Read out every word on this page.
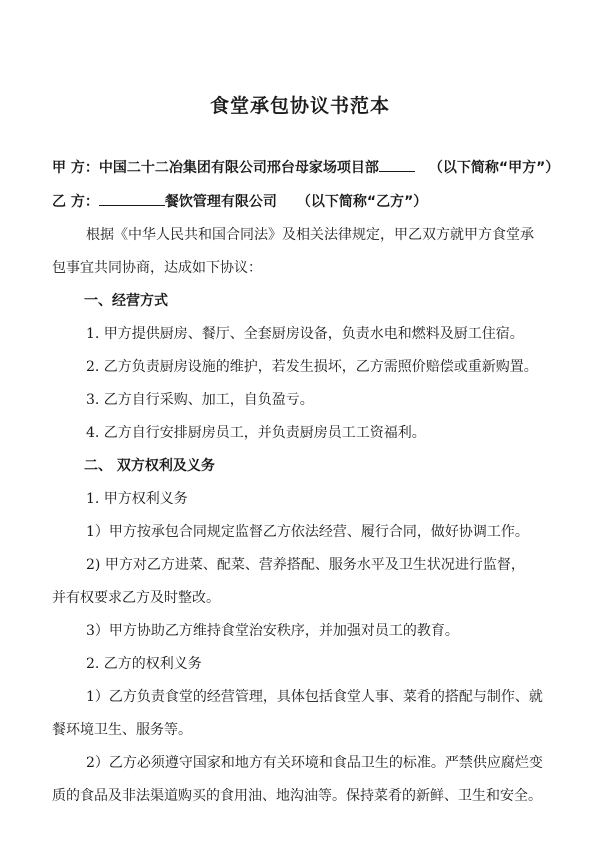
食堂承包协议书范本
甲 方：中国二十二冶集团有限公司邢台母家场项目部	（以下简称“甲方”）
乙 方：	餐饮管理有限公司 （以下简称“乙方”）
根据《中华人民共和国合同法》及相关法律规定，甲乙双方就甲方食堂承
包事宜共同协商，达成如下协议：
一、经营方式
1. 甲方提供厨房、餐厅、全套厨房设备，负责水电和燃料及厨工住宿。
2. 乙方负责厨房设施的维护，若发生损坏，乙方需照价赔偿或重新购置。
3. 乙方自行采购、加工，自负盈亏。
4. 乙方自行安排厨房员工，并负责厨房员工工资福利。
二、 双方权利及义务
1. 甲方权利义务
1）甲方按承包合同规定监督乙方依法经营、履行合同，做好协调工作。
2) 甲方对乙方进菜、配菜、营养搭配、服务水平及卫生状况进行监督，
并有权要求乙方及时整改。
3）甲方协助乙方维持食堂治安秩序，并加强对员工的教育。
2. 乙方的权利义务
1）乙方负责食堂的经营管理，具体包括食堂人事、菜肴的搭配与制作、就
餐环境卫生、服务等。
2）乙方必须遵守国家和地方有关环境和食品卫生的标准。严禁供应腐烂变
质的食品及非法渠道购买的食用油、地沟油等。保持菜肴的新鲜、卫生和安全。
